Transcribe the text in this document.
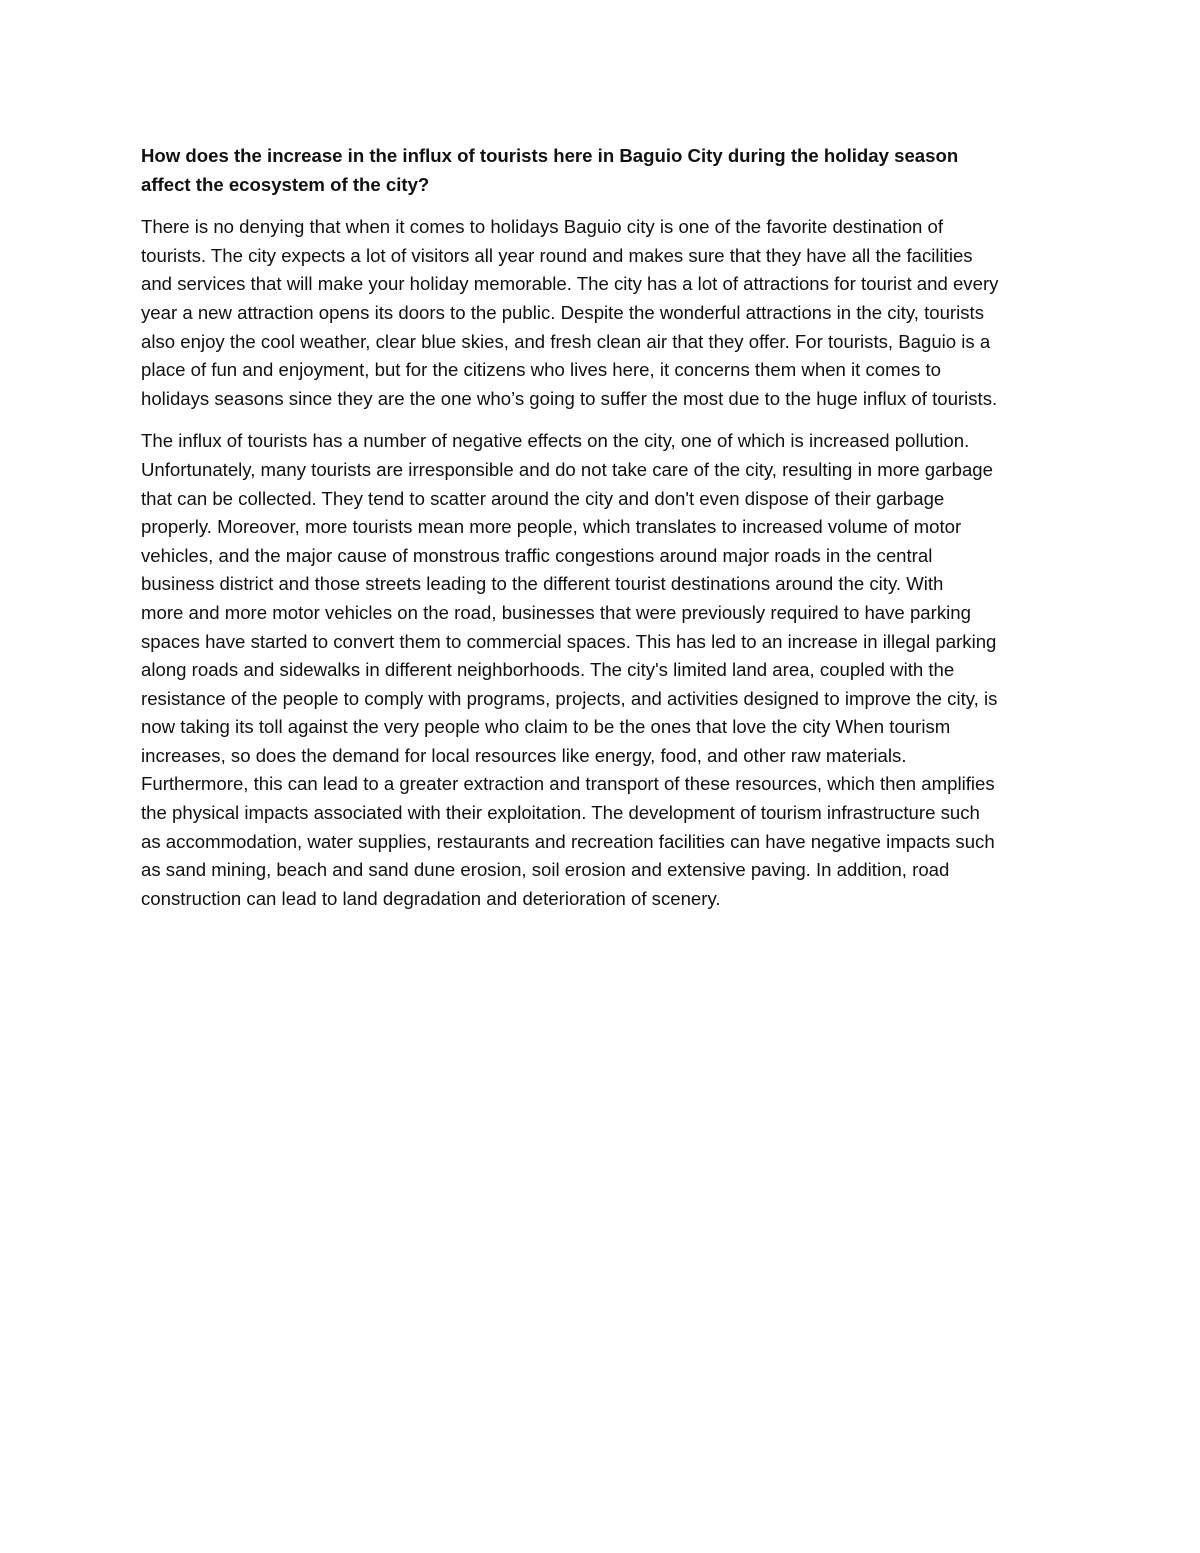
How does the increase in the influx of tourists here in Baguio City during the holiday season
affect the ecosystem of the city?
There is no denying that when it comes to holidays Baguio city is one of the favorite destination of
tourists. The city expects a lot of visitors all year round and makes sure that they have all the facilities
and services that will make your holiday memorable. The city has a lot of attractions for tourist and every
year a new attraction opens its doors to the public. Despite the wonderful attractions in the city, tourists
also enjoy the cool weather, clear blue skies, and fresh clean air that they offer. For tourists, Baguio is a
place of fun and enjoyment, but for the citizens who lives here, it concerns them when it comes to
holidays seasons since they are the one who’s going to suffer the most due to the huge influx of tourists.
The influx of tourists has a number of negative effects on the city, one of which is increased pollution.
Unfortunately, many tourists are irresponsible and do not take care of the city, resulting in more garbage
that can be collected. They tend to scatter around the city and don't even dispose of their garbage
properly. Moreover, more tourists mean more people, which translates to increased volume of motor
vehicles, and the major cause of monstrous traffic congestions around major roads in the central
business district and those streets leading to the different tourist destinations around the city. With
more and more motor vehicles on the road, businesses that were previously required to have parking
spaces have started to convert them to commercial spaces. This has led to an increase in illegal parking
along roads and sidewalks in different neighborhoods. The city's limited land area, coupled with the
resistance of the people to comply with programs, projects, and activities designed to improve the city, is
now taking its toll against the very people who claim to be the ones that love the city When tourism
increases, so does the demand for local resources like energy, food, and other raw materials.
Furthermore, this can lead to a greater extraction and transport of these resources, which then amplifies
the physical impacts associated with their exploitation. The development of tourism infrastructure such
as accommodation, water supplies, restaurants and recreation facilities can have negative impacts such
as sand mining, beach and sand dune erosion, soil erosion and extensive paving. In addition, road
construction can lead to land degradation and deterioration of scenery.
